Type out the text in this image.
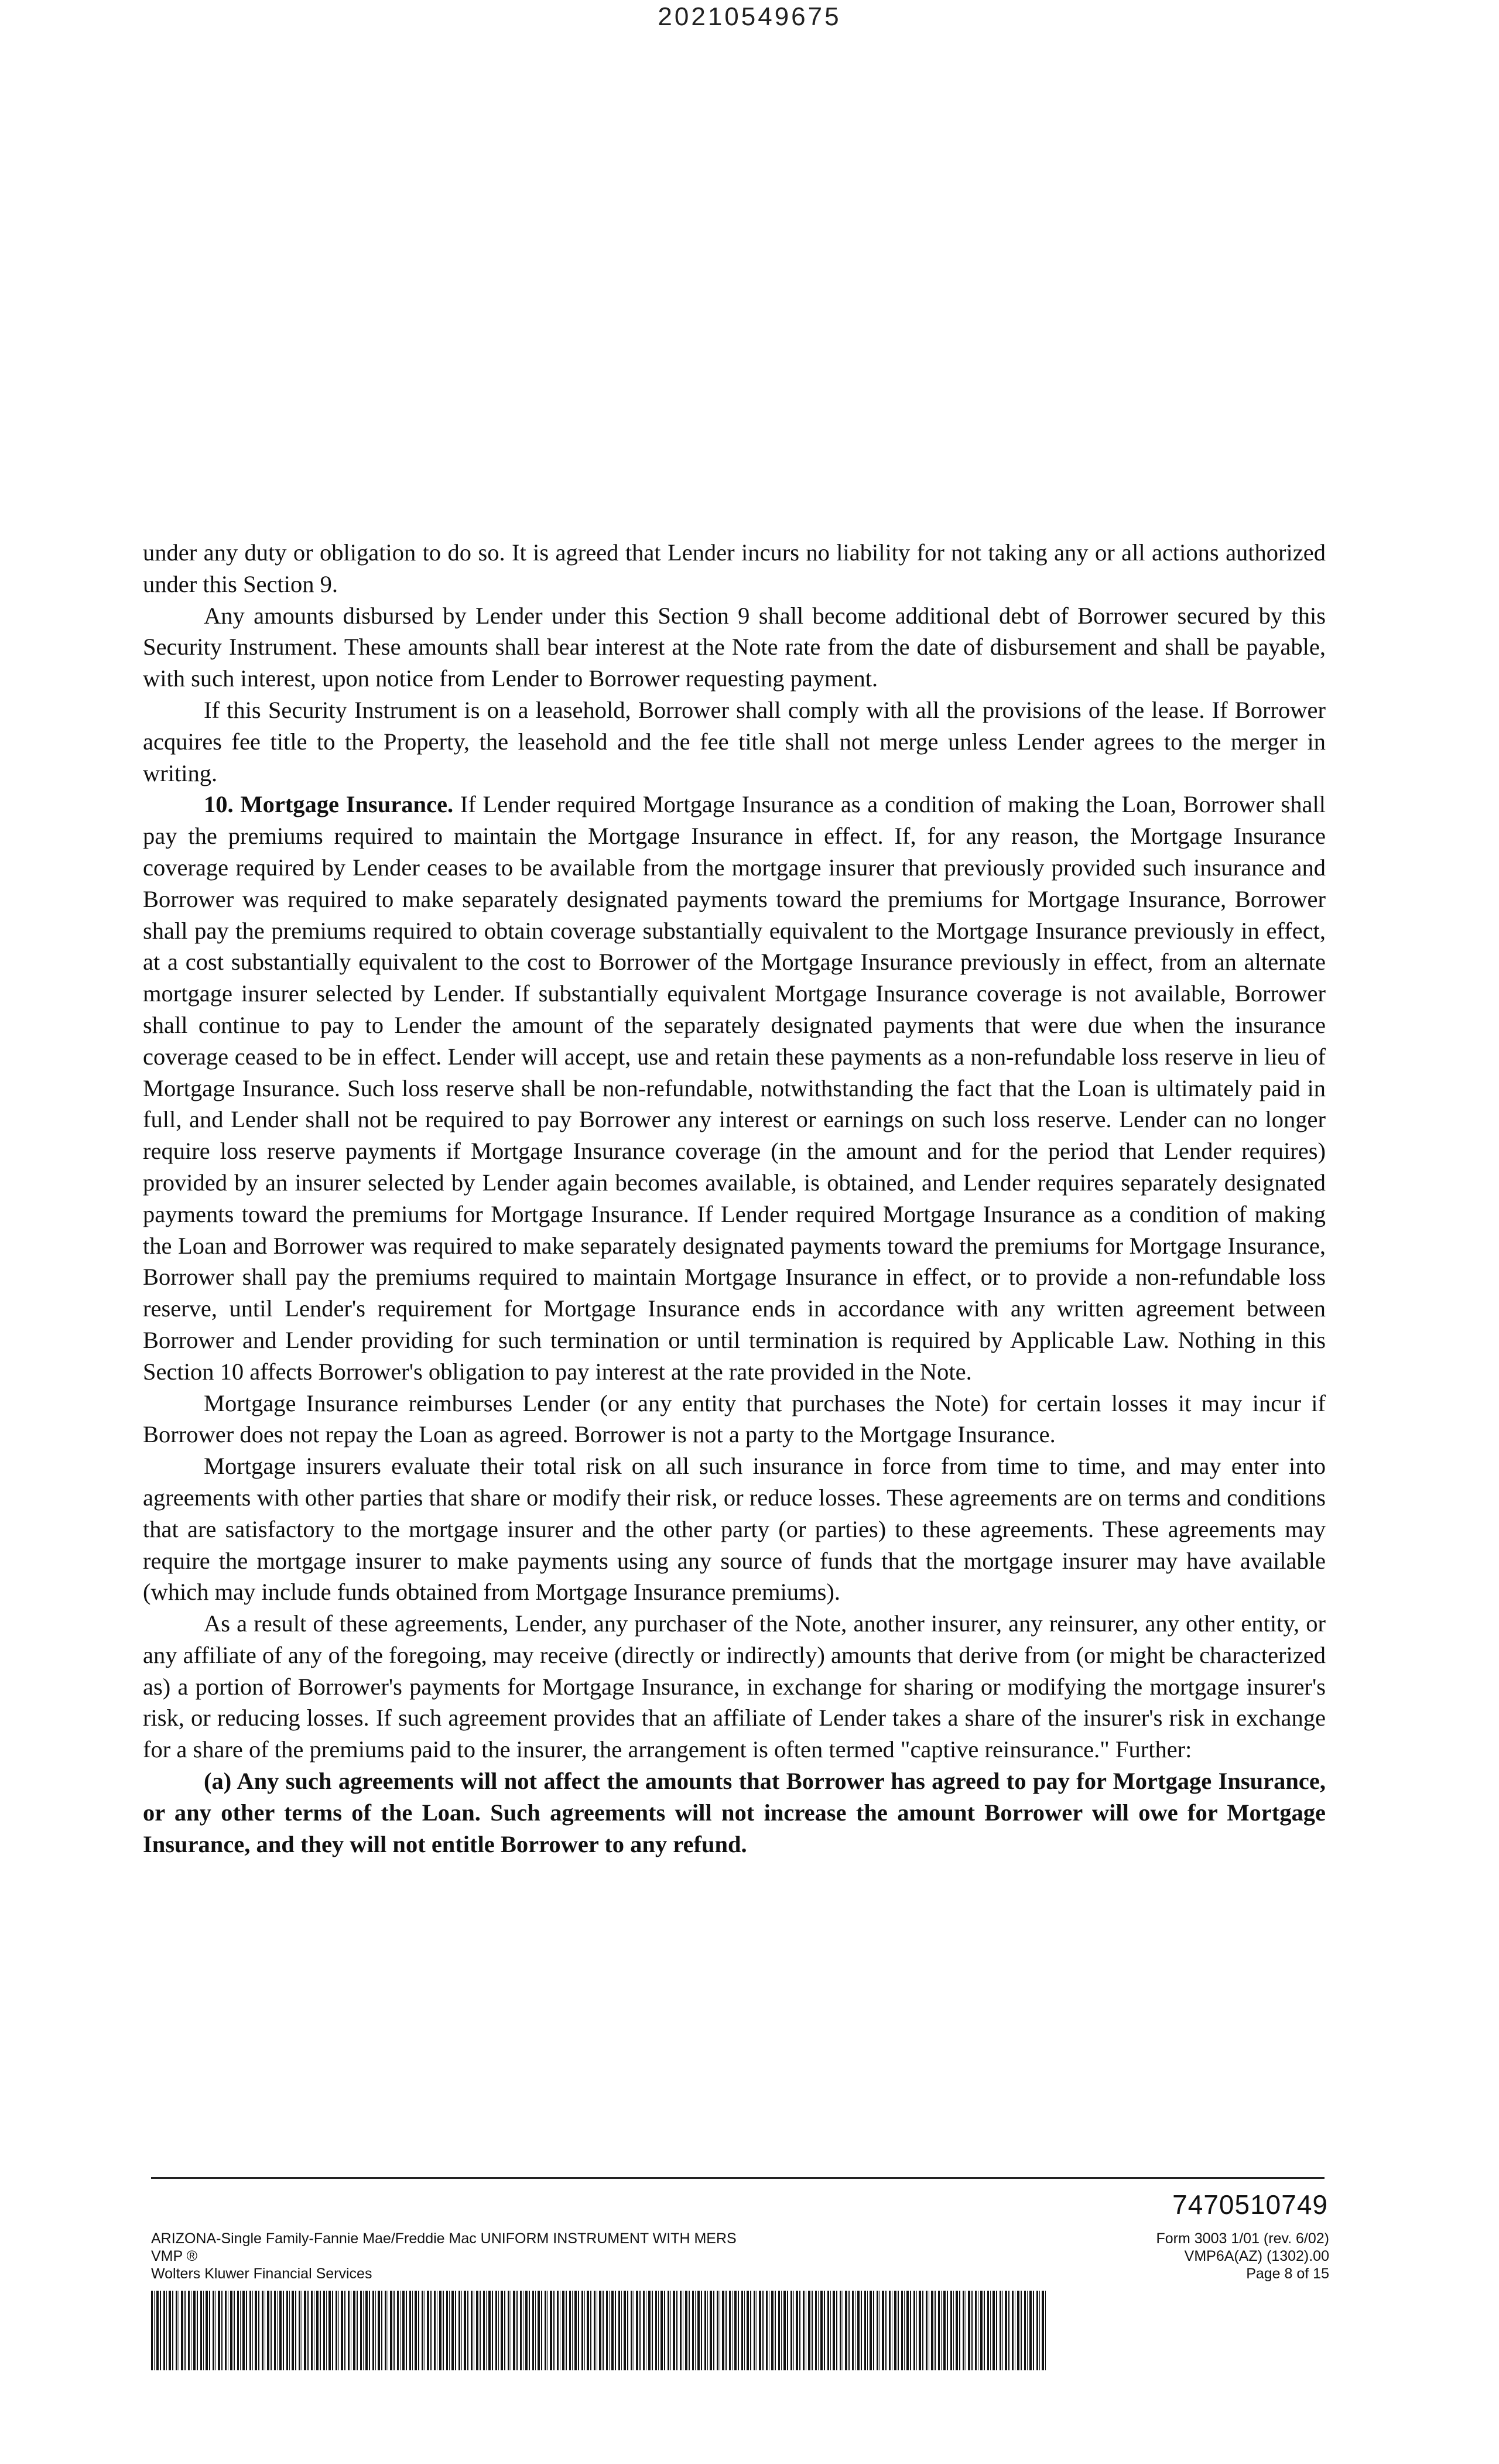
20210549675

under any duty or obligation to do so. It is agreed that Lender incurs no liability for not taking any or all actions authorized under this Section 9.

Any amounts disbursed by Lender under this Section 9 shall become additional debt of Borrower secured by this Security Instrument. These amounts shall bear interest at the Note rate from the date of disbursement and shall be payable, with such interest, upon notice from Lender to Borrower requesting payment.

If this Security Instrument is on a leasehold, Borrower shall comply with all the provisions of the lease. If Borrower acquires fee title to the Property, the leasehold and the fee title shall not merge unless Lender agrees to the merger in writing.

10. Mortgage Insurance. If Lender required Mortgage Insurance as a condition of making the Loan, Borrower shall pay the premiums required to maintain the Mortgage Insurance in effect. If, for any reason, the Mortgage Insurance coverage required by Lender ceases to be available from the mortgage insurer that previously provided such insurance and Borrower was required to make separately designated payments toward the premiums for Mortgage Insurance, Borrower shall pay the premiums required to obtain coverage substantially equivalent to the Mortgage Insurance previously in effect, at a cost substantially equivalent to the cost to Borrower of the Mortgage Insurance previously in effect, from an alternate mortgage insurer selected by Lender. If substantially equivalent Mortgage Insurance coverage is not available, Borrower shall continue to pay to Lender the amount of the separately designated payments that were due when the insurance coverage ceased to be in effect. Lender will accept, use and retain these payments as a non-refundable loss reserve in lieu of Mortgage Insurance. Such loss reserve shall be non-refundable, notwithstanding the fact that the Loan is ultimately paid in full, and Lender shall not be required to pay Borrower any interest or earnings on such loss reserve. Lender can no longer require loss reserve payments if Mortgage Insurance coverage (in the amount and for the period that Lender requires) provided by an insurer selected by Lender again becomes available, is obtained, and Lender requires separately designated payments toward the premiums for Mortgage Insurance. If Lender required Mortgage Insurance as a condition of making the Loan and Borrower was required to make separately designated payments toward the premiums for Mortgage Insurance, Borrower shall pay the premiums required to maintain Mortgage Insurance in effect, or to provide a non-refundable loss reserve, until Lender's requirement for Mortgage Insurance ends in accordance with any written agreement between Borrower and Lender providing for such termination or until termination is required by Applicable Law. Nothing in this Section 10 affects Borrower's obligation to pay interest at the rate provided in the Note.

Mortgage Insurance reimburses Lender (or any entity that purchases the Note) for certain losses it may incur if Borrower does not repay the Loan as agreed. Borrower is not a party to the Mortgage Insurance.

Mortgage insurers evaluate their total risk on all such insurance in force from time to time, and may enter into agreements with other parties that share or modify their risk, or reduce losses. These agreements are on terms and conditions that are satisfactory to the mortgage insurer and the other party (or parties) to these agreements. These agreements may require the mortgage insurer to make payments using any source of funds that the mortgage insurer may have available (which may include funds obtained from Mortgage Insurance premiums).

As a result of these agreements, Lender, any purchaser of the Note, another insurer, any reinsurer, any other entity, or any affiliate of any of the foregoing, may receive (directly or indirectly) amounts that derive from (or might be characterized as) a portion of Borrower's payments for Mortgage Insurance, in exchange for sharing or modifying the mortgage insurer's risk, or reducing losses. If such agreement provides that an affiliate of Lender takes a share of the insurer's risk in exchange for a share of the premiums paid to the insurer, the arrangement is often termed "captive reinsurance." Further:

(a) Any such agreements will not affect the amounts that Borrower has agreed to pay for Mortgage Insurance, or any other terms of the Loan. Such agreements will not increase the amount Borrower will owe for Mortgage Insurance, and they will not entitle Borrower to any refund.

7470510749
ARIZONA-Single Family-Fannie Mae/Freddie Mac UNIFORM INSTRUMENT WITH MERS
VMP ®
Wolters Kluwer Financial Services
Form 3003 1/01 (rev. 6/02)
VMP6A(AZ) (1302).00
Page 8 of 15
